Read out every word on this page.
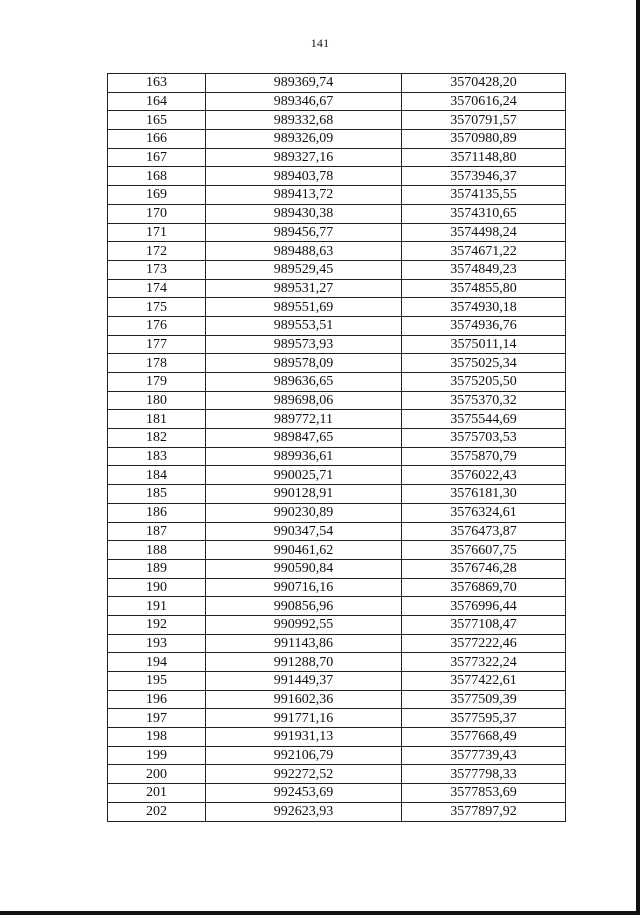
141
163	989369,74	3570428,20
164	989346,67	3570616,24
165	989332,68	3570791,57
166	989326,09	3570980,89
167	989327,16	3571148,80
168	989403,78	3573946,37
169	989413,72	3574135,55
170	989430,38	3574310,65
171	989456,77	3574498,24
172	989488,63	3574671,22
173	989529,45	3574849,23
174	989531,27	3574855,80
175	989551,69	3574930,18
176	989553,51	3574936,76
177	989573,93	3575011,14
178	989578,09	3575025,34
179	989636,65	3575205,50
180	989698,06	3575370,32
181	989772,11	3575544,69
182	989847,65	3575703,53
183	989936,61	3575870,79
184	990025,71	3576022,43
185	990128,91	3576181,30
186	990230,89	3576324,61
187	990347,54	3576473,87
188	990461,62	3576607,75
189	990590,84	3576746,28
190	990716,16	3576869,70
191	990856,96	3576996,44
192	990992,55	3577108,47
193	991143,86	3577222,46
194	991288,70	3577322,24
195	991449,37	3577422,61
196	991602,36	3577509,39
197	991771,16	3577595,37
198	991931,13	3577668,49
199	992106,79	3577739,43
200	992272,52	3577798,33
201	992453,69	3577853,69
202	992623,93	3577897,92
